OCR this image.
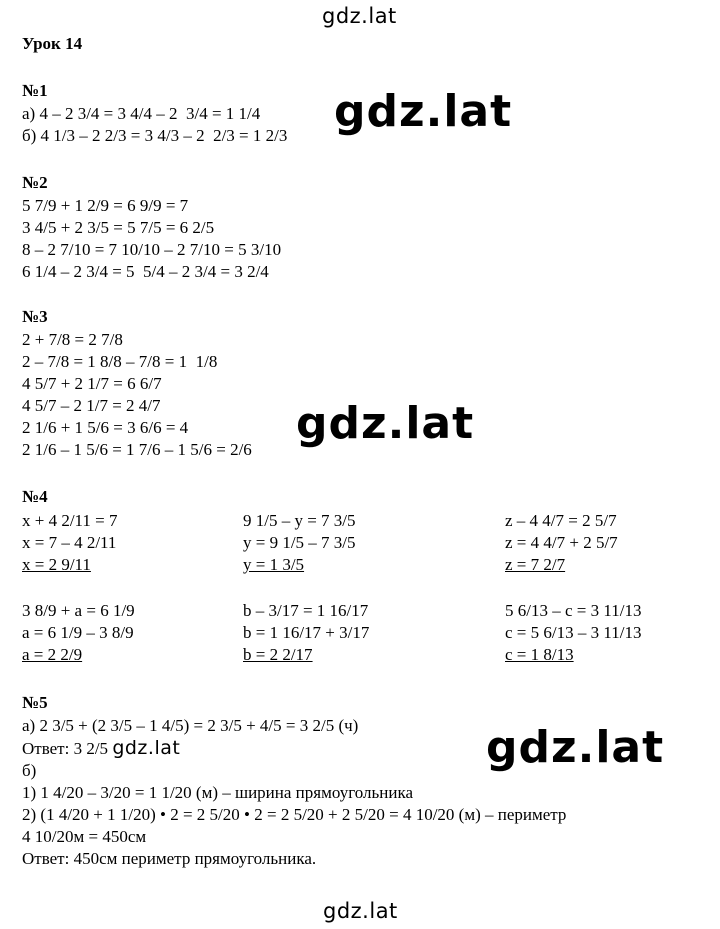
gdz.lat
gdz.lat
gdz.lat
gdz.lat
gdz.lat
Урок 14
№1
а) 4 – 2 3/4 = 3 4/4 – 2  3/4 = 1 1/4
б) 4 1/3 – 2 2/3 = 3 4/3 – 2  2/3 = 1 2/3
№2
5 7/9 + 1 2/9 = 6 9/9 = 7
3 4/5 + 2 3/5 = 5 7/5 = 6 2/5
8 – 2 7/10 = 7 10/10 – 2 7/10 = 5 3/10
6 1/4 – 2 3/4 = 5  5/4 – 2 3/4 = 3 2/4
№3
2 + 7/8 = 2 7/8
2 – 7/8 = 1 8/8 – 7/8 = 1  1/8
4 5/7 + 2 1/7 = 6 6/7
4 5/7 – 2 1/7 = 2 4/7
2 1/6 + 1 5/6 = 3 6/6 = 4
2 1/6 – 1 5/6 = 1 7/6 – 1 5/6 = 2/6
№4
x + 4 2/11 = 7
x = 7 – 4 2/11
x = 2 9/11
9 1/5 – y = 7 3/5
y = 9 1/5 – 7 3/5
y = 1 3/5
z – 4 4/7 = 2 5/7
z = 4 4/7 + 2 5/7
z = 7 2/7
3 8/9 + a = 6 1/9
a = 6 1/9 – 3 8/9
a = 2 2/9
b – 3/17 = 1 16/17
b = 1 16/17 + 3/17
b = 2 2/17
5 6/13 – c = 3 11/13
c = 5 6/13 – 3 11/13
c = 1 8/13
№5
а) 2 3/5 + (2 3/5 – 1 4/5) = 2 3/5 + 4/5 = 3 2/5 (ч)
Ответ: 3 2/5 gdz.lat
б)
1) 1 4/20 – 3/20 = 1 1/20 (м) – ширина прямоугольника
2) (1 4/20 + 1 1/20) • 2 = 2 5/20 • 2 = 2 5/20 + 2 5/20 = 4 10/20 (м) – периметр
4 10/20м = 450см
Ответ: 450см периметр прямоугольника.
